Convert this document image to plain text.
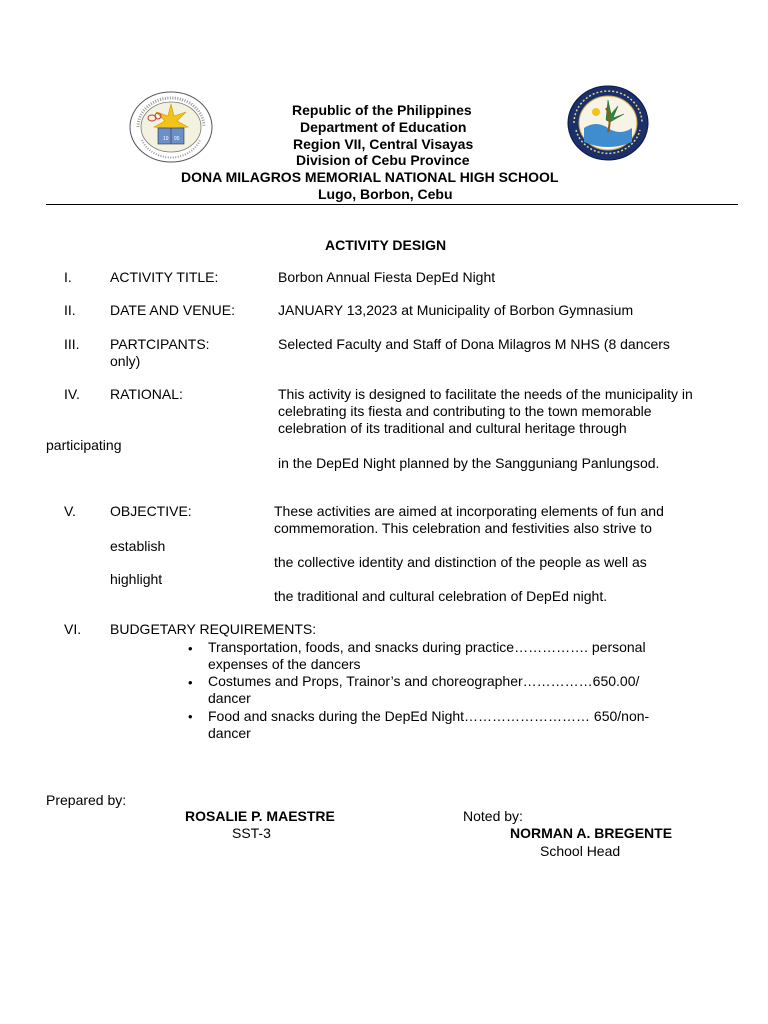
19 95
Republic of the Philippines
Department of Education
Region VII, Central Visayas
Division of Cebu Province
DONA MILAGROS MEMORIAL NATIONAL HIGH SCHOOL
Lugo, Borbon, Cebu
ACTIVITY DESIGN
I.	ACTIVITY TITLE:	Borbon Annual Fiesta DepEd Night
II. DATE AND VENUE:	JANUARY 13,2023 at Municipality of Borbon Gymnasium
III. PARTCIPANTS:	Selected Faculty and Staff of Dona Milagros M NHS (8 dancers
only)
IV. RATIONAL:	This activity is designed to facilitate the needs of the municipality in
celebrating its fiesta and contributing to the town memorable
celebration of its traditional and cultural heritage through
participating
in the DepEd Night planned by the Sangguniang Panlungsod.
V. OBJECTIVE:	These activities are aimed at incorporating elements of fun and
commemoration. This celebration and festivities also strive to
establish
the collective identity and distinction of the people as well as
highlight
the traditional and cultural celebration of DepEd night.
VI. BUDGETARY REQUIREMENTS:
• Transportation, foods, and snacks during practice……………. personal
expenses of the dancers
• Costumes and Props, Trainor’s and choreographer……………650.00/
dancer
• Food and snacks during the DepEd Night……………………… 650/non-
dancer
Prepared by:
ROSALIE P. MAESTRE
SST-3
Noted by:
NORMAN A. BREGENTE
School Head
